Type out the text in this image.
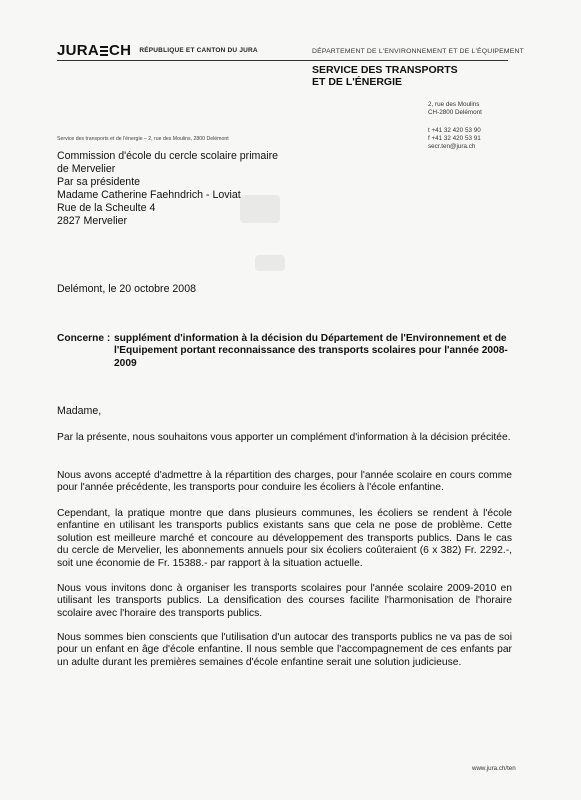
JURA CH RÉPUBLIQUE ET CANTON DU JURA	DÉPARTEMENT DE L'ENVIRONNEMENT ET DE L'ÉQUIPEMENT
SERVICE DES TRANSPORTS
ET DE L'ÉNERGIE
2, rue des Moulins
CH-2800 Delémont
t +41 32 420 53 90
f +41 32 420 53 91
secr.ten@jura.ch
Service des transports et de l'énergie – 2, rue des Moulins, 2800 Delémont
Commission d'école du cercle scolaire primaire
de Mervelier
Par sa présidente
Madame Catherine Faehndrich - Loviat
Rue de la Scheulte 4
2827 Mervelier
Delémont, le 20 octobre 2008
Concerne : supplément d'information à la décision du Département de l'Environnement et de l'Equipement portant reconnaissance des transports scolaires pour l'année 2008-2009
Madame,
Par la présente, nous souhaitons vous apporter un complément d'information à la décision précitée.
Nous avons accepté d'admettre à la répartition des charges, pour l'année scolaire en cours comme pour l'année précédente, les transports pour conduire les écoliers à l'école enfantine.
Cependant, la pratique montre que dans plusieurs communes, les écoliers se rendent à l'école enfantine en utilisant les transports publics existants sans que cela ne pose de problème. Cette solution est meilleure marché et concoure au développement des transports publics. Dans le cas du cercle de Mervelier, les abonnements annuels pour six écoliers coûteraient (6 x 382) Fr. 2292.-, soit une économie de Fr. 15388.- par rapport à la situation actuelle.
Nous vous invitons donc à organiser les transports scolaires pour l'année scolaire 2009-2010 en utilisant les transports publics. La densification des courses facilite l'harmonisation de l'horaire scolaire avec l'horaire des transports publics.
Nous sommes bien conscients que l'utilisation d'un autocar des transports publics ne va pas de soi pour un enfant en âge d'école enfantine. Il nous semble que l'accompagnement de ces enfants par un adulte durant les premières semaines d'école enfantine serait une solution judicieuse.
www.jura.ch/ten
